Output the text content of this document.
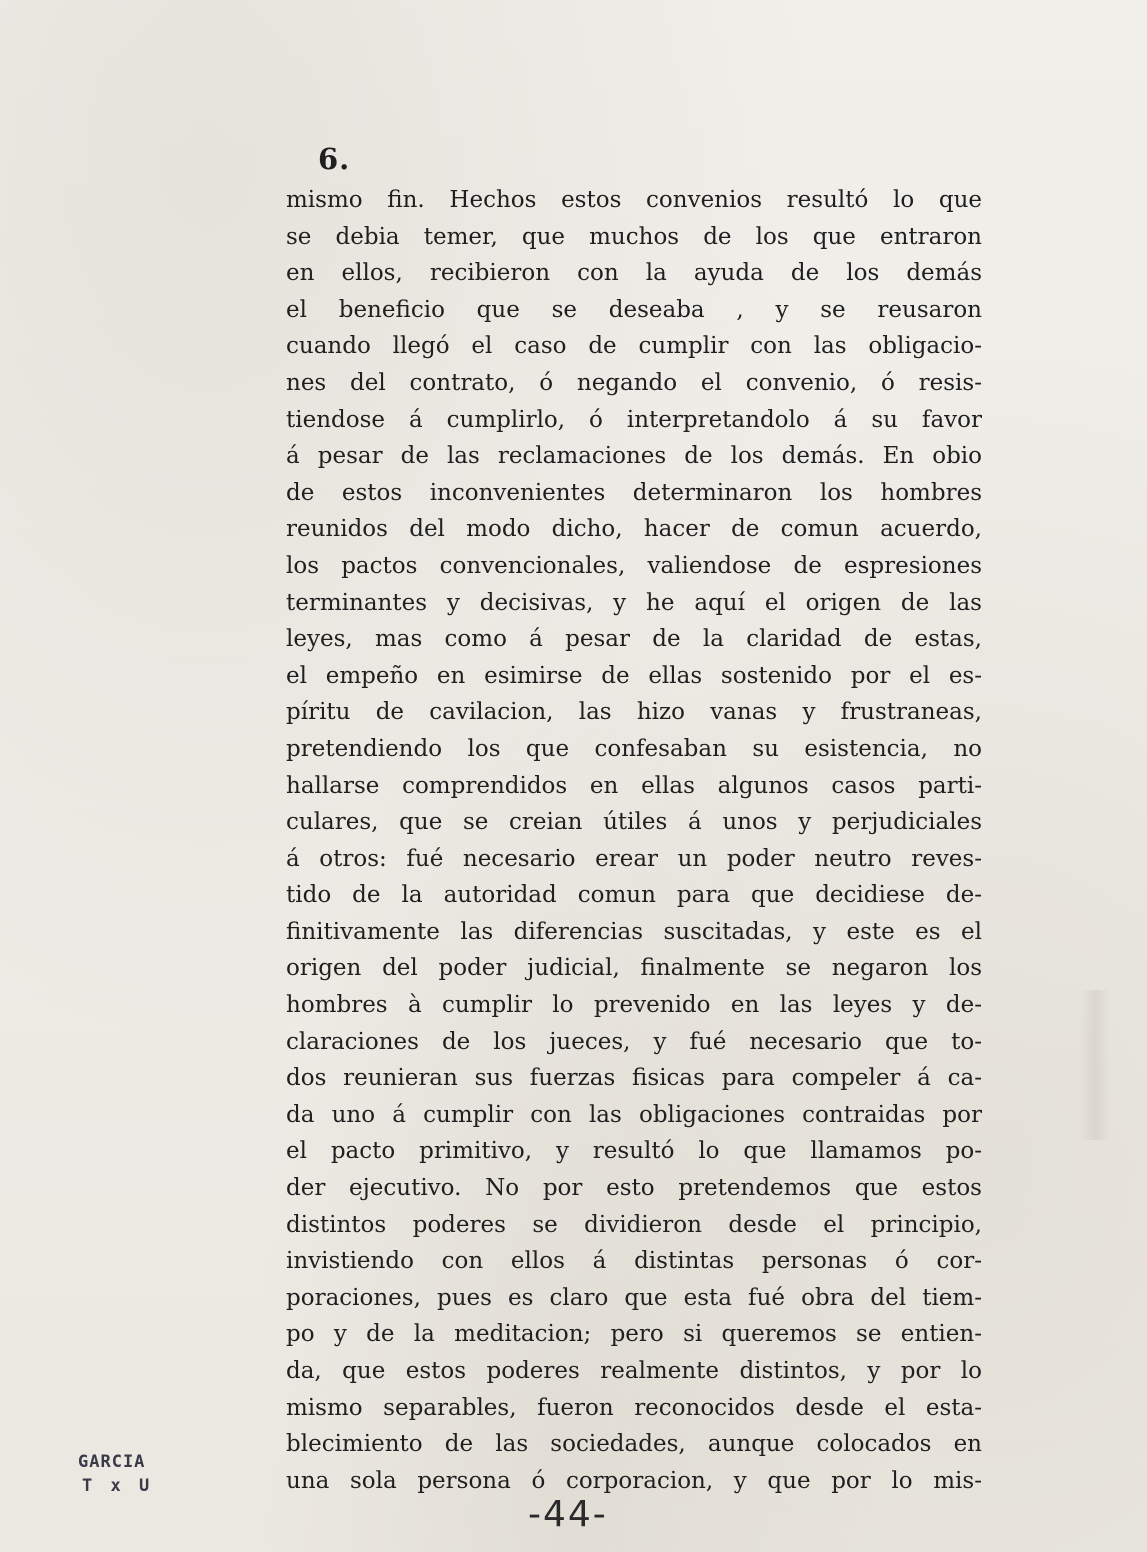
6.
mismo fin. Hechos estos convenios resultó lo que
se debia temer, que muchos de los que entraron
en ellos, recibieron con la ayuda de los demás
el beneficio que se deseaba , y se reusaron
cuando llegó el caso de cumplir con las obligacio-
nes del contrato, ó negando el convenio, ó resis-
tiendose á cumplirlo, ó interpretandolo á su favor
á pesar de las reclamaciones de los demás. En obio
de estos inconvenientes determinaron los hombres
reunidos del modo dicho, hacer de comun acuerdo,
los pactos convencionales, valiendose de espresiones
terminantes y decisivas, y he aquí el origen de las
leyes, mas como á pesar de la claridad de estas,
el empeño en esimirse de ellas sostenido por el es-
píritu de cavilacion, las hizo vanas y frustraneas,
pretendiendo los que confesaban su esistencia, no
hallarse comprendidos en ellas algunos casos parti-
culares, que se creian útiles á unos y perjudiciales
á otros: fué necesario erear un poder neutro reves-
tido de la autoridad comun para que decidiese de-
finitivamente las diferencias suscitadas, y este es el
origen del poder judicial, finalmente se negaron los
hombres à cumplir lo prevenido en las leyes y de-
claraciones de los jueces, y fué necesario que to-
dos reunieran sus fuerzas fisicas para compeler á ca-
da uno á cumplir con las obligaciones contraidas por
el pacto primitivo, y resultó lo que llamamos po-
der ejecutivo. No por esto pretendemos que estos
distintos poderes se dividieron desde el principio,
invistiendo con ellos á distintas personas ó cor-
poraciones, pues es claro que esta fué obra del tiem-
po y de la meditacion; pero si queremos se entien-
da, que estos poderes realmente distintos, y por lo
mismo separables, fueron reconocidos desde el esta-
blecimiento de las sociedades, aunque colocados en
una sola persona ó corporacion, y que por lo mis-
GARCIA
T x U
-44-
